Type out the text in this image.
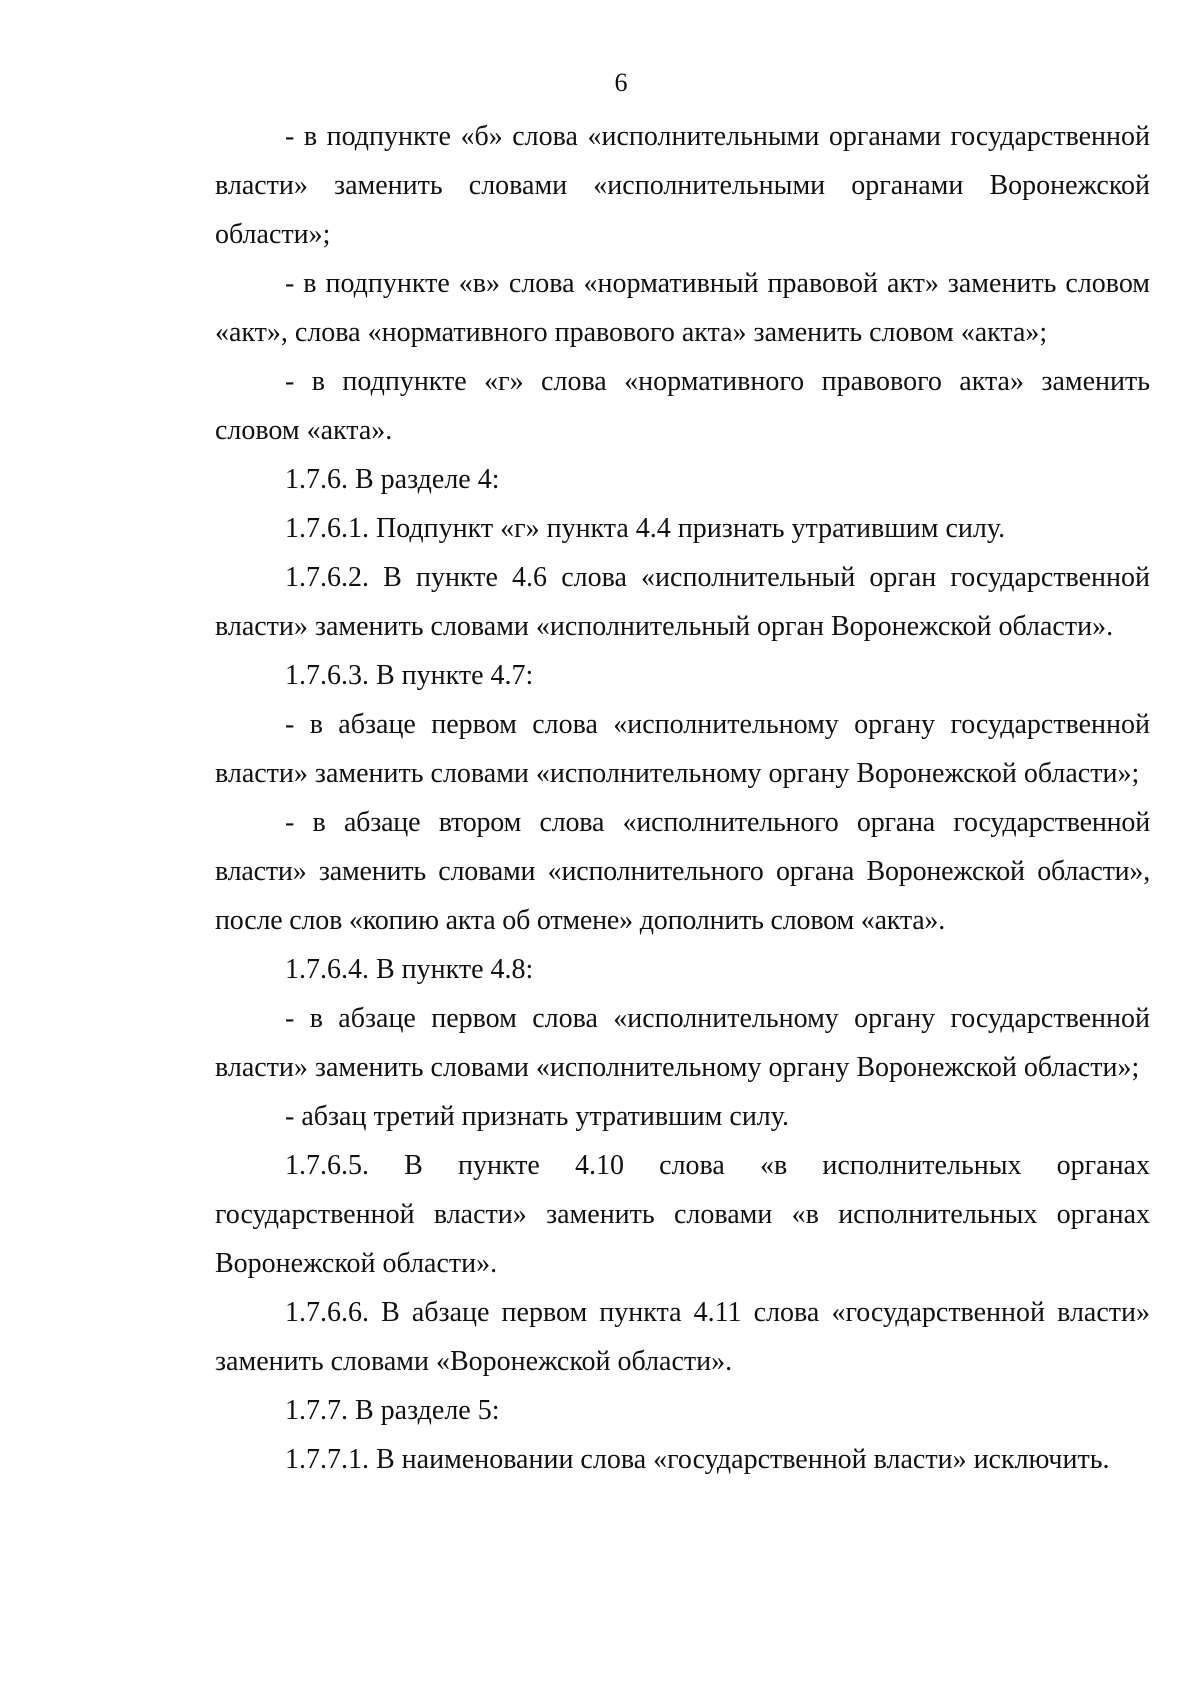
6

- в подпункте «б» слова «исполнительными органами государственной власти» заменить словами «исполнительными органами Воронежской области»;

- в подпункте «в» слова «нормативный правовой акт» заменить словом «акт», слова «нормативного правового акта» заменить словом «акта»;

- в подпункте «г» слова «нормативного правового акта» заменить словом «акта».

1.7.6. В разделе 4:

1.7.6.1. Подпункт «г» пункта 4.4 признать утратившим силу.

1.7.6.2. В пункте 4.6 слова «исполнительный орган государственной власти» заменить словами «исполнительный орган Воронежской области».

1.7.6.3. В пункте 4.7:

- в абзаце первом слова «исполнительному органу государственной власти» заменить словами «исполнительному органу Воронежской области»;

- в абзаце втором слова «исполнительного органа государственной власти» заменить словами «исполнительного органа Воронежской области», после слов «копию акта об отмене» дополнить словом «акта».

1.7.6.4. В пункте 4.8:

- в абзаце первом слова «исполнительному органу государственной власти» заменить словами «исполнительному органу Воронежской области»;

- абзац третий признать утратившим силу.

1.7.6.5. В пункте 4.10 слова «в исполнительных органах государственной власти» заменить словами «в исполнительных органах Воронежской области».

1.7.6.6. В абзаце первом пункта 4.11 слова «государственной власти» заменить словами «Воронежской области».

1.7.7. В разделе 5:

1.7.7.1. В наименовании слова «государственной власти» исключить.
